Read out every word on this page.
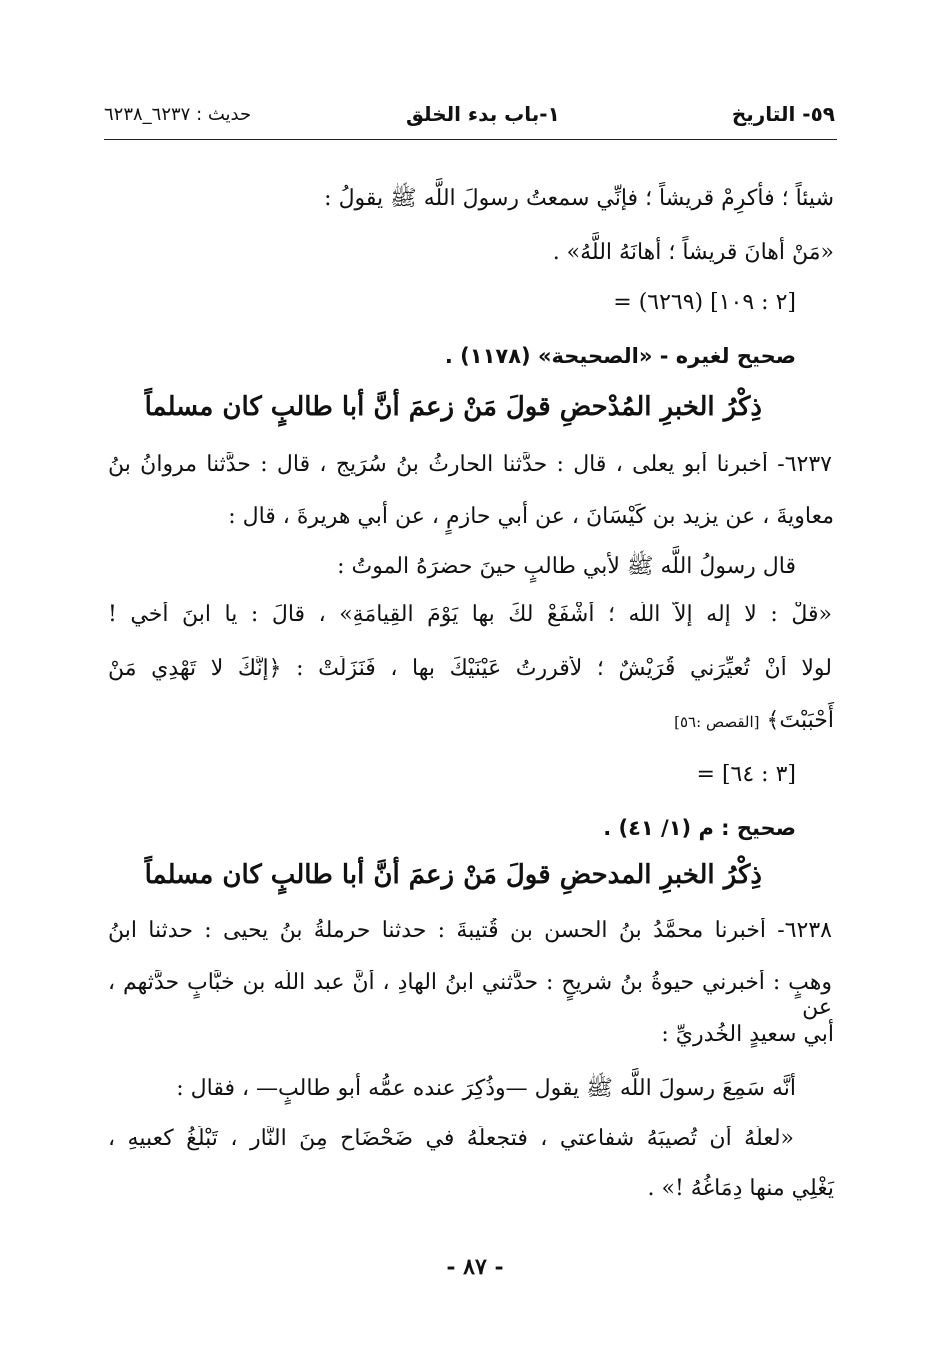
٥٩- التاريخ
١-باب بدء الخلق
حديث : ٦٢٣٧_٦٢٣٨
شيئاً ؛ فأكرِمْ قريشاً ؛ فإنِّي سمعتُ رسولَ اللَّه ﷺ يقولُ :
«مَنْ أهانَ قريشاً ؛ أهانَهُ اللَّهُ» .
= (٦٢٦٩) [٢ : ١٠٩]
صحيح لغيره - «الصحيحة» (١١٧٨) .
ذِكْرُ الخبرِ المُدْحضِ قولَ مَنْ زعمَ أنَّ أبا طالبٍ كان مسلماً
٦٢٣٧- أخبرنا أبو يعلى ، قال : حدَّثنا الحارثُ بنُ سُرَيجٍ ، قال : حدَّثنا مروانُ بنُ
معاويةَ ، عن يزيد بن كَيْسَانَ ، عن أبي حازمٍ ، عن أبي هريرةَ ، قال :
قال رسولُ اللَّه ﷺ لأبي طالبٍ حينَ حضرَهُ الموتُ :
«قلْ : لا إله إلاَّ اللَّه ؛ أشْفَعْ لكَ بها يَوْمَ القِيامَةِ» ، قالَ : يا ابنَ أخي !
لولا أنْ تُعيِّرَني قُرَيْشٌ ؛ لأقررتُ عَيْنَيْكَ بها ، فَنَزَلَتْ : ﴿إِنَّكَ لا تَهْدِي مَنْ
أَحْبَبْتَ﴾ [القصص :٥٦]
= [٣ : ٦٤]
صحيح : م (١/ ٤١) .
ذِكْرُ الخبرِ المدحضِ قولَ مَنْ زعمَ أنَّ أبا طالبٍ كان مسلماً
٦٢٣٨- أخبرنا محمَّدُ بنُ الحسنِ بنِ قُتيبةَ : حدثنا حرملةُ بنُ يحيى : حدثنا ابنُ
وهبٍ : أخبرني حيوةُ بنُ شريحٍ : حدَّثني ابنُ الهادِ ، أنَّ عبد اللَّه بن خبَّابٍ حدَّثهم ، عن
أبي سعيدٍ الخُدريِّ :
أنَّه سَمِعَ رسولَ اللَّه ﷺ يقول —وذُكِرَ عنده عمُّه أبو طالبٍ— ، فقال :
«لعلَّهُ أن تُصيبَهُ شفاعتي ، فتجعلَهُ في ضَحْضَاحٍ مِنَ النَّارِ ، تَبْلُغُ كعبيهِ ،
يَغْلِي منها دِمَاغُهُ !» .
- ٨٧ -
